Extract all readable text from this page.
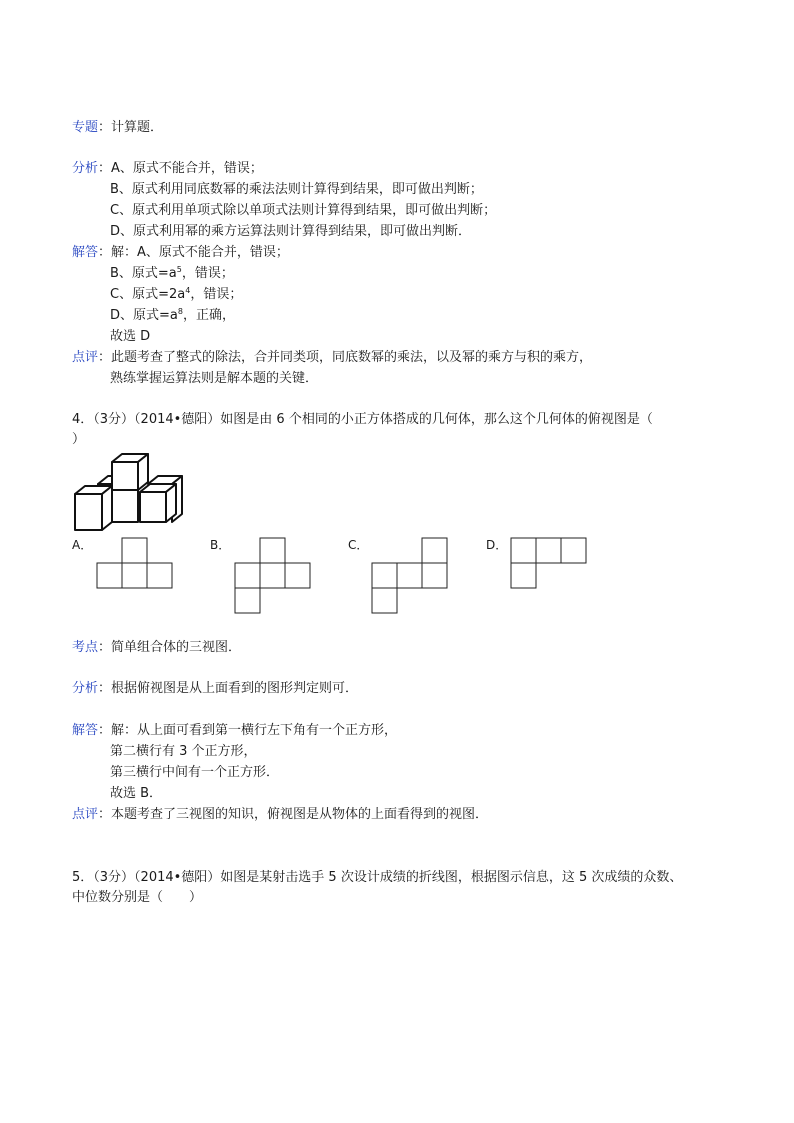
专题：计算题．
分析：A、原式不能合并，错误；
B、原式利用同底数幂的乘法法则计算得到结果，即可做出判断；
C、原式利用单项式除以单项式法则计算得到结果，即可做出判断；
D、原式利用幂的乘方运算法则计算得到结果，即可做出判断．
解答：解：A、原式不能合并，错误；
B、原式$=a^5$，错误；
C、原式$=2a^4$，错误；
D、原式$=a^8$，正确，
故选 D
点评：此题考查了整式的除法，合并同类项，同底数幂的乘法，以及幂的乘方与积的乘方，
熟练掌握运算法则是解本题的关键．
4．（3分）（2014•德阳）如图是由 6 个相同的小正方体搭成的几何体，那么这个几何体的俯视图是（
）
A．	B．	C．	D．
考点：简单组合体的三视图．
分析：根据俯视图是从上面看到的图形判定则可．
解答：解：从上面可看到第一横行左下角有一个正方形，
第二横行有 3 个正方形，
第三横行中间有一个正方形．
故选 B．
点评：本题考查了三视图的知识，俯视图是从物体的上面看得到的视图．
5．（3分）（2014•德阳）如图是某射击选手 5 次设计成绩的折线图，根据图示信息，这 5 次成绩的众数、
中位数分别是（　　）
